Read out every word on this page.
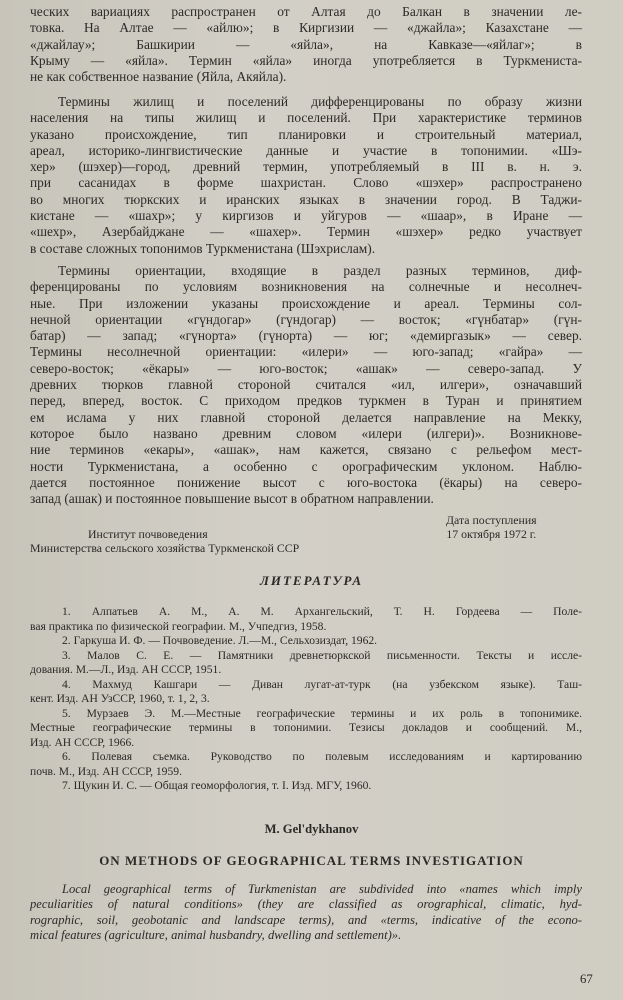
ческих вариациях распространен от Алтая до Балкан в значении ле-
товка. На Алтае — «айлю»; в Киргизии — «джайла»; Казахстане —
«джайлау»; Башкирии — «яйла», на Кавказе—«яйлаг»; в
Крыму — «яйла». Термин «яйла» иногда употребляется в Туркмениста-
не как собственное название (Яйла, Акяйла).
Термины жилищ и поселений дифференцированы по образу жизни
населения на типы жилищ и поселений. При характеристике терминов
указано происхождение, тип планировки и строительный материал,
ареал, историко-лингвистические данные и участие в топонимии. «Шэ-
хер» (шэхер)—город, древний термин, употребляемый в III в. н. э.
при сасанидах в форме шахристан. Слово «шэхер» распространено
во многих тюркских и иранских языках в значении город. В Таджи-
кистане — «шахр»; у киргизов и уйгуров — «шаар», в Иране —
«шехр», Азербайджане — «шахер». Термин «шэхер» редко участвует
в составе сложных топонимов Туркменистана (Шэхрислам).
Термины ориентации, входящие в раздел разных терминов, диф-
ференцированы по условиям возникновения на солнечные и несолнеч-
ные. При изложении указаны происхождение и ареал. Термины сол-
нечной ориентации «гүндогар» (гүндогар) — восток; «гүнбатар» (гүн-
батар) — запад; «гүнорта» (гүнорта) — юг; «демиргазык» — север.
Термины несолнечной ориентации: «илери» — юго-запад; «гайра» —
северо-восток; «ёкары» — юго-восток; «ашак» — северо-запад. У
древних тюрков главной стороной считался «ил, илгери», означавший
перед, вперед, восток. С приходом предков туркмен в Туран и принятием
ем ислама у них главной стороной делается направление на Мекку,
которое было названо древним словом «илери (илгери)». Возникнове-
ние терминов «екары», «ашак», нам кажется, связано с рельефом мест-
ности Туркменистана, а особенно с орографическим уклоном. Наблю-
дается постоянное понижение высот с юго-востока (ёкары) на северо-
запад (ашак) и постоянное повышение высот в обратном направлении.
Институт почвоведения
Министерства сельского хозяйства Туркменской ССР
Дата поступления
17 октября 1972 г.
ЛИТЕРАТУРА
1. Алпатьев А. М., А. М. Архангельский, Т. Н. Гордеева — Поле-
вая практика по физической географии. М., Учпедгиз, 1958.
2. Гаркуша И. Ф. — Почвоведение. Л.—М., Сельхозиздат, 1962.
3. Малов С. Е. — Памятники древнетюркской письменности. Тексты и иссле-
дования. М.—Л., Изд. АН СССР, 1951.
4. Махмуд Кашгари — Диван лугат-ат-турк (на узбекском языке). Таш-
кент. Изд. АН УзССР, 1960, т. 1, 2, 3.
5. Мурзаев Э. М.—Местные географические термины и их роль в топонимике.
Местные географические термины в топонимии. Тезисы докладов и сообщений. М.,
Изд. АН СССР, 1966.
6. Полевая съемка. Руководство по полевым исследованиям и картированию
почв. М., Изд. АН СССР, 1959.
7. Щукин И. С. — Общая геоморфология, т. I. Изд. МГУ, 1960.
M. Gel'dykhanov
ON METHODS OF GEOGRAPHICAL TERMS INVESTIGATION
Local geographical terms of Turkmenistan are subdivided into «names which imply
peculiarities of natural conditions» (they are classified as orographical, climatic, hyd-
rographic, soil, geobotanic and landscape terms), and «terms, indicative of the econo-
mical features (agriculture, animal husbandry, dwelling and settlement)».
67
